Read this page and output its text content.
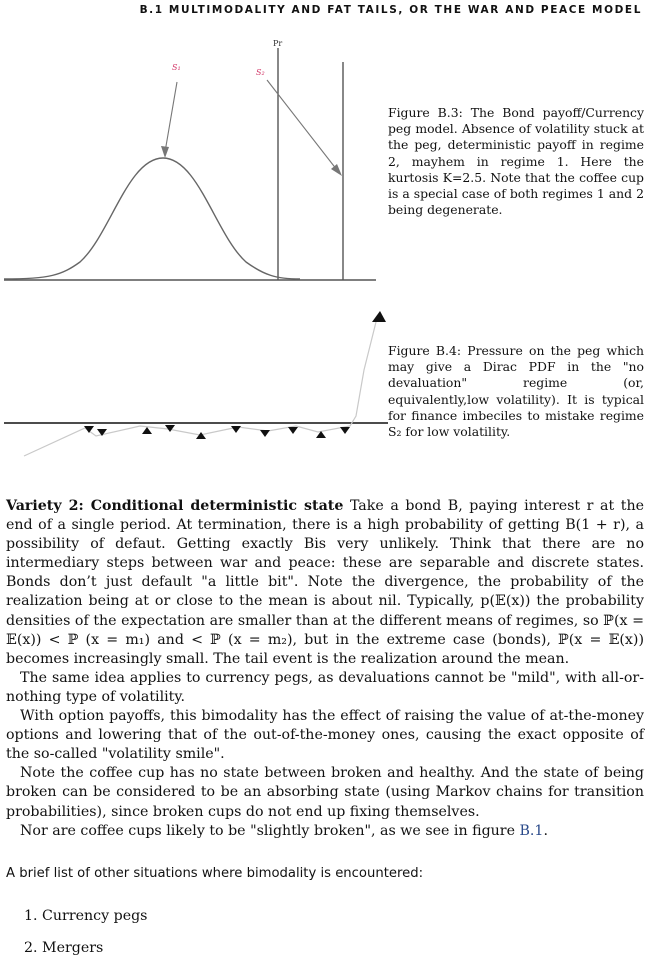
B.1 MULTIMODALITY AND FAT TAILS, OR THE WAR AND PEACE MODEL
S₁
S₂
Pr
Figure B.3: The Bond payoff/Currency peg model. Absence of volatility stuck at the peg, deterministic payoff in regime 2, mayhem in regime 1. Here the kurtosis K=2.5. Note that the coffee cup is a special case of both regimes 1 and 2 being degenerate.
Figure B.4: Pressure on the peg which may give a Dirac PDF in the "no devaluation" regime (or, equivalently,low volatility). It is typical for finance imbeciles to mistake regime S₂ for low volatility.

Variety 2: Conditional deterministic state Take a bond B, paying interest r at the end of a single period. At termination, there is a high probability of getting B(1 + r), a possibility of defaut. Getting exactly Bis very unlikely. Think that there are no intermediary steps between war and peace: these are separable and discrete states. Bonds don’t just default "a little bit". Note the divergence, the probability of the realization being at or close to the mean is about nil. Typically, p(𝔼(x)) the probability densities of the expectation are smaller than at the different means of regimes, so ℙ(x = 𝔼(x)) < ℙ (x = m₁) and < ℙ (x = m₂), but in the extreme case (bonds), ℙ(x = 𝔼(x)) becomes increasingly small. The tail event is the realization around the mean.

The same idea applies to currency pegs, as devaluations cannot be "mild", with all-or- nothing type of volatility.

With option payoffs, this bimodality has the effect of raising the value of at-the-money options and lowering that of the out-of-the-money ones, causing the exact opposite of the so-called "volatility smile".

Note the coffee cup has no state between broken and healthy. And the state of being broken can be considered to be an absorbing state (using Markov chains for transition probabilities), since broken cups do not end up fixing themselves.

Nor are coffee cups likely to be "slightly broken", as we see in figure B.1.

A brief list of other situations where bimodality is encountered:
1. Currency pegs
2. Mergers
